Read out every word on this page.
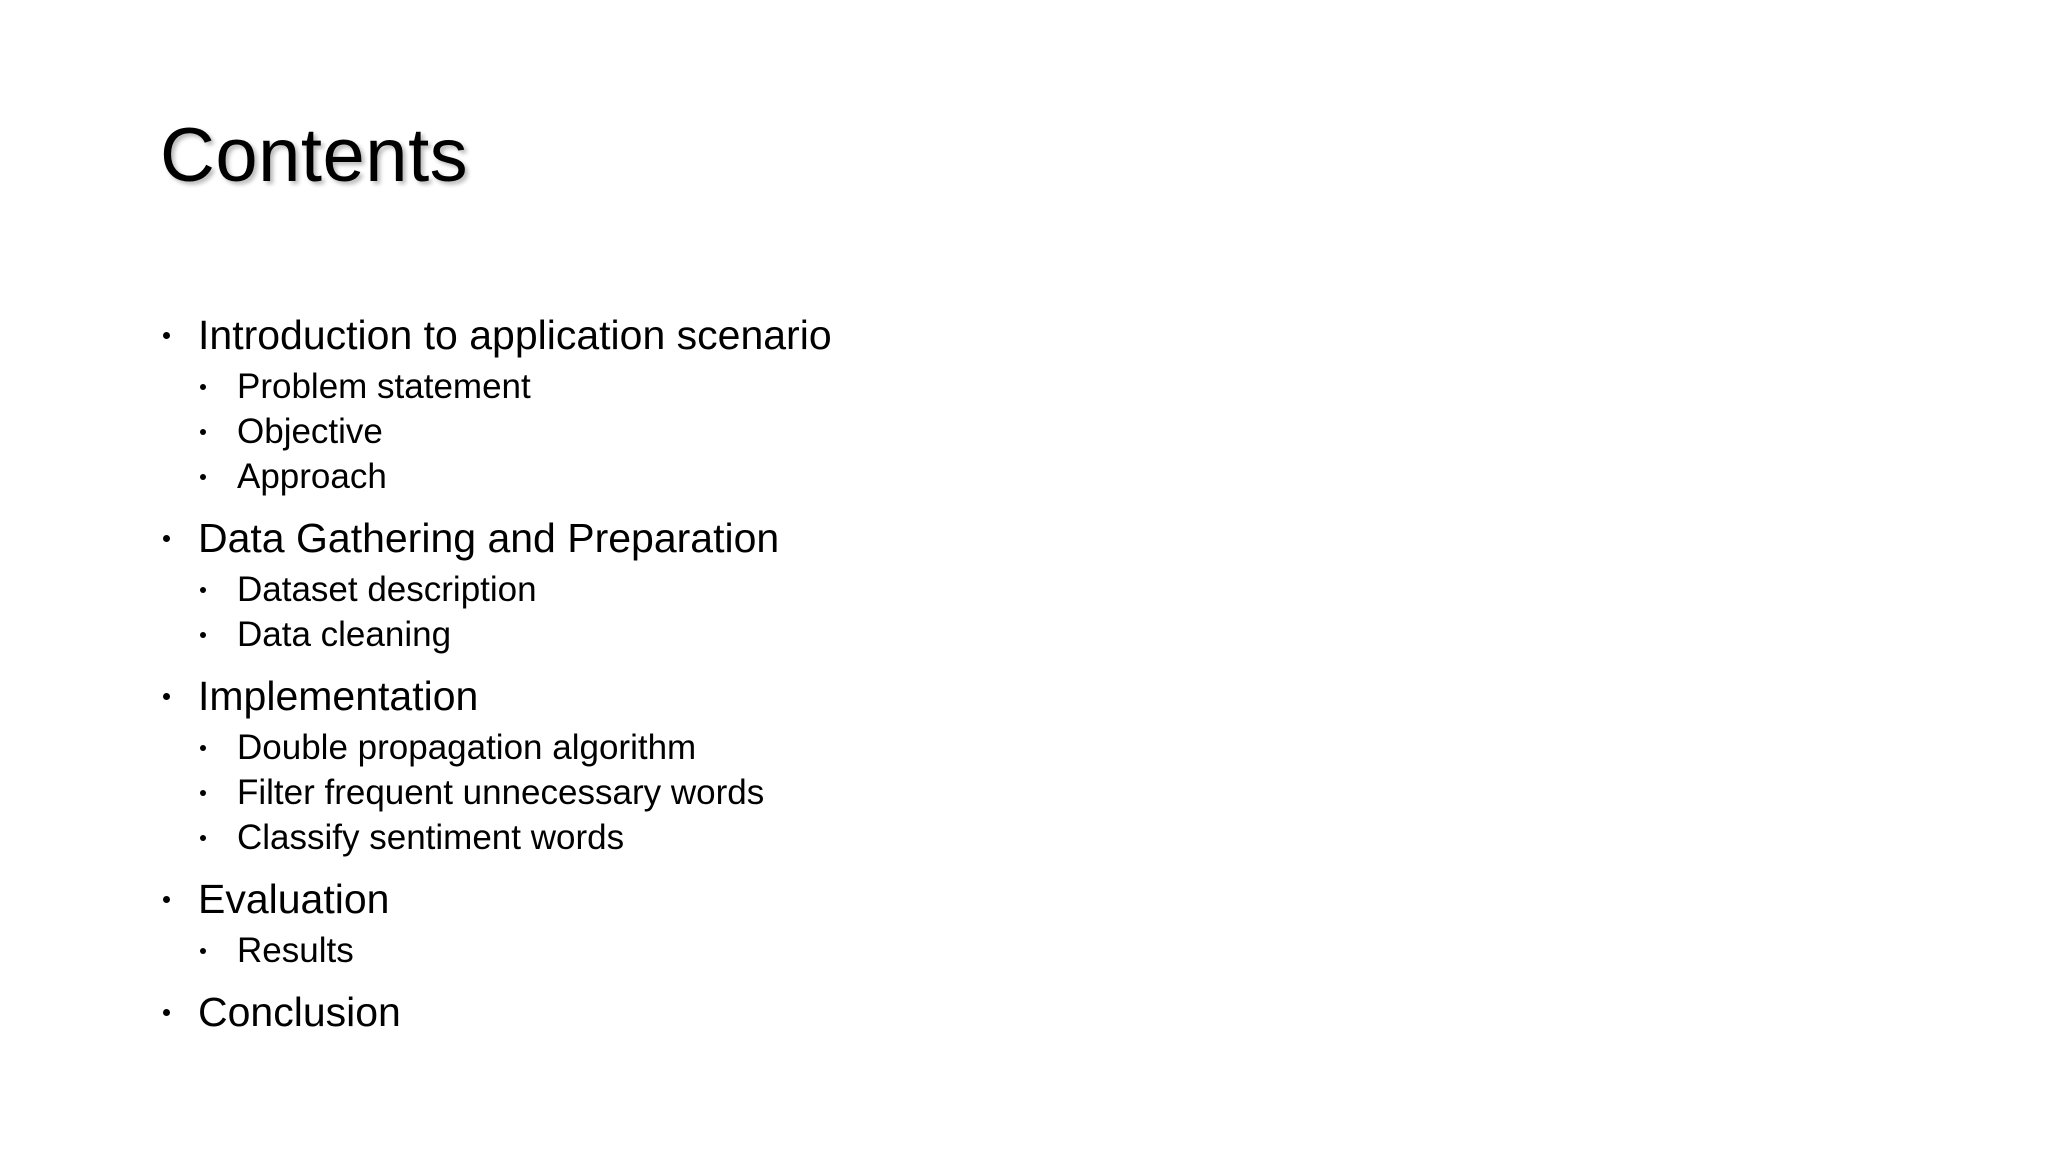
Contents
Introduction to application scenario
Problem statement
Objective
Approach
Data Gathering and Preparation
Dataset description
Data cleaning
Implementation
Double propagation algorithm
Filter frequent unnecessary words
Classify sentiment words
Evaluation
Results
Conclusion
